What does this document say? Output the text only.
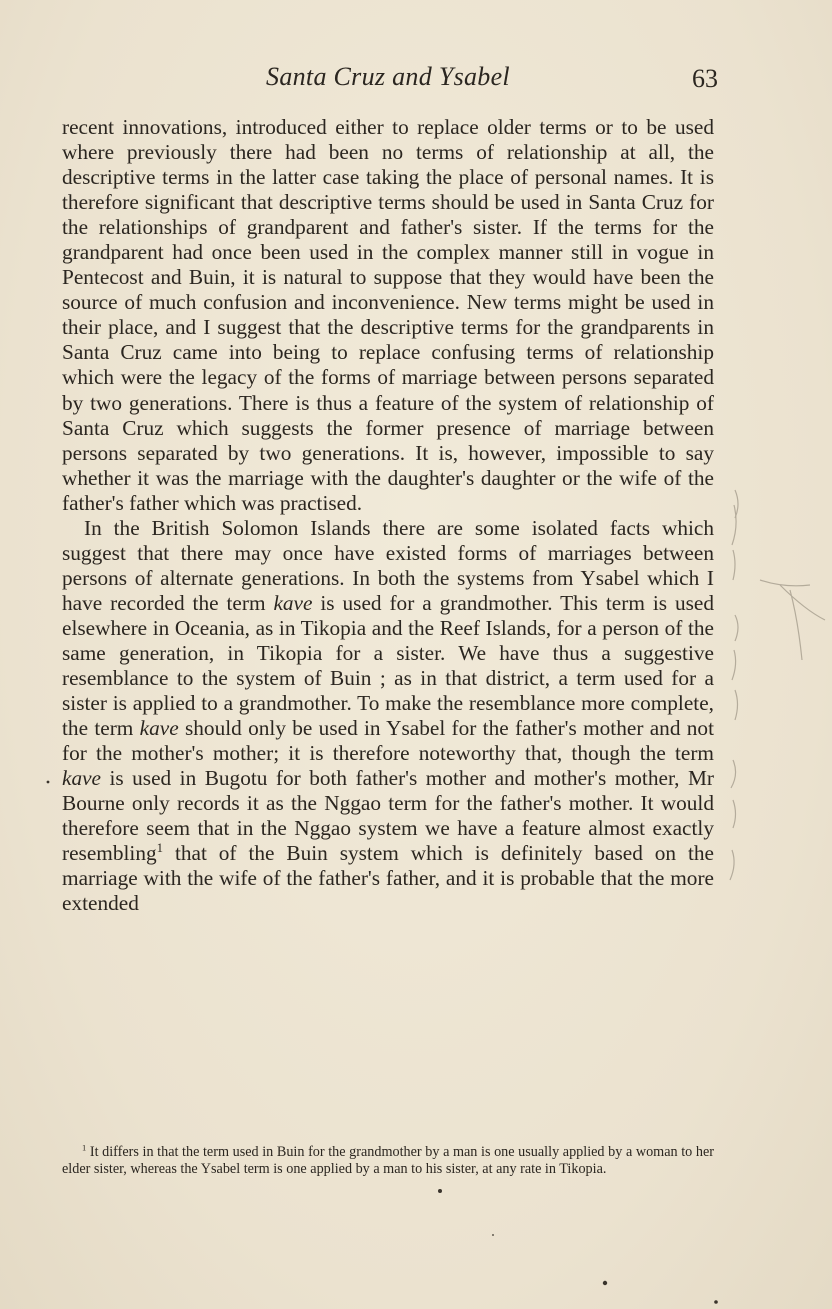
Santa Cruz and Ysabel	63

recent innovations, introduced either to replace older terms or to be used where previously there had been no terms of relationship at all, the descriptive terms in the latter case taking the place of personal names. It is therefore significant that descriptive terms should be used in Santa Cruz for the relationships of grandparent and father's sister. If the terms for the grandparent had once been used in the complex manner still in vogue in Pentecost and Buin, it is natural to suppose that they would have been the source of much confusion and inconvenience. New terms might be used in their place, and I suggest that the descriptive terms for the grandparents in Santa Cruz came into being to replace confusing terms of relationship which were the legacy of the forms of marriage between persons separated by two generations. There is thus a feature of the system of relationship of Santa Cruz which suggests the former presence of marriage between persons separated by two generations. It is, however, impossible to say whether it was the marriage with the daughter's daughter or the wife of the father's father which was practised.

In the British Solomon Islands there are some isolated facts which suggest that there may once have existed forms of marriages between persons of alternate generations. In both the systems from Ysabel which I have recorded the term kave is used for a grandmother. This term is used elsewhere in Oceania, as in Tikopia and the Reef Islands, for a person of the same generation, in Tikopia for a sister. We have thus a suggestive resemblance to the system of Buin ; as in that district, a term used for a sister is applied to a grandmother. To make the resemblance more complete, the term kave should only be used in Ysabel for the father's mother and not for the mother's mother; it is therefore noteworthy that, though the term kave is used in Bugotu for both father's mother and mother's mother, Mr Bourne only records it as the Nggao term for the father's mother. It would therefore seem that in the Nggao system we have a feature almost exactly resembling$^1$ that of the Buin system which is definitely based on the marriage with the wife of the father's father, and it is probable that the more extended

$^1$ It differs in that the term used in Buin for the grandmother by a man is one usually applied by a woman to her elder sister, whereas the Ysabel term is one applied by a man to his sister, at any rate in Tikopia.
